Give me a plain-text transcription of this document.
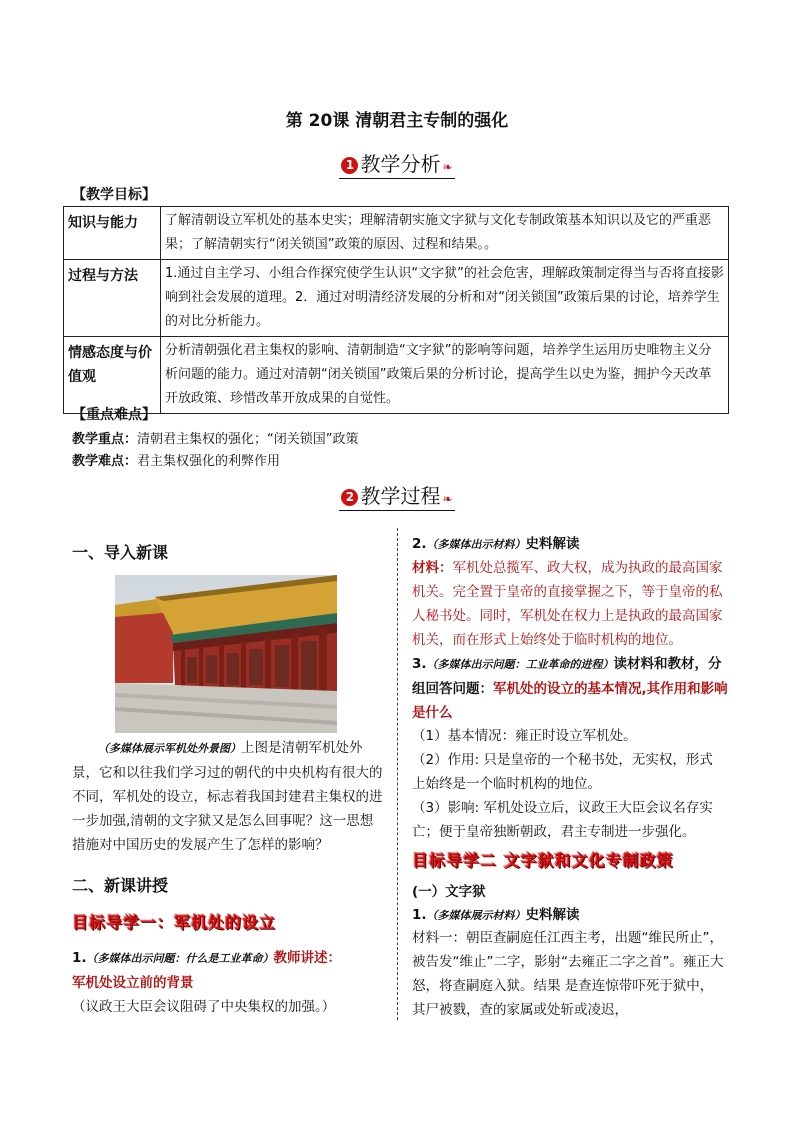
第 20课 清朝君主专制的强化
1 教学分析 ❧
【教学目标】
知识与能力	了解清朝设立军机处的基本史实；理解清朝实施文字狱与文化专制政策基本知识以及它的严重恶果；了解清朝实行“闭关锁国”政策的原因、过程和结果。。
过程与方法	1.通过自主学习、小组合作探究使学生认识“文字狱”的社会危害，理解政策制定得当与否将直接影响到社会发展的道理。2．通过对明清经济发展的分析和对“闭关锁国”政策后果的讨论，培养学生的对比分析能力。
情感态度与价值观	分析清朝强化君主集权的影响、清朝制造“文字狱”的影响等问题，培养学生运用历史唯物主义分析问题的能力。通过对清朝“闭关锁国”政策后果的分析讨论，提高学生以史为鉴，拥护今天改革开放政策、珍惜改革开放成果的自觉性。
【重点难点】
教学重点：清朝君主集权的强化；“闭关锁国”政策
教学难点：君主集权强化的利弊作用
2 教学过程 ❧
一、导入新课
（多媒体展示军机处外景图）上图是清朝军机处外景，它和以往我们学习过的朝代的中央机构有很大的不同，军机处的设立，标志着我国封建君主集权的进一步加强,清朝的文字狱又是怎么回事呢？这一思想措施对中国历史的发展产生了怎样的影响？
二、新课讲授
目标导学一：军机处的设立
1.（多媒体出示问题：什么是工业革命）教师讲述：
军机处设立前的背景
（议政王大臣会议阻碍了中央集权的加强。）
2.（多媒体出示材料）史料解读
材料：军机处总揽军、政大权，成为执政的最高国家机关。完全置于皇帝的直接掌握之下，等于皇帝的私人秘书处。同时，军机处在权力上是执政的最高国家机关，而在形式上始终处于临时机构的地位。
3.（多媒体出示问题：工业革命的进程）读材料和教材，分组回答问题：军机处的设立的基本情况,其作用和影响是什么
（1）基本情况：雍正时设立军机处。
（2）作用: 只是皇帝的一个秘书处，无实权，形式上始终是一个临时机构的地位。
（3）影响: 军机处设立后，议政王大臣会议名存实亡；便于皇帝独断朝政，君主专制进一步强化。
目标导学二 文字狱和文化专制政策
(一）文字狱
1.（多媒体展示材料）史料解读
材料一：朝臣查嗣庭任江西主考，出题“维民所止”，被告发“维止”二字，影射“去雍正二字之首”。雍正大怒，将查嗣庭入狱。结果 是查连惊带吓死于狱中，其尸被戮，查的家属或处斩或凌迟，
